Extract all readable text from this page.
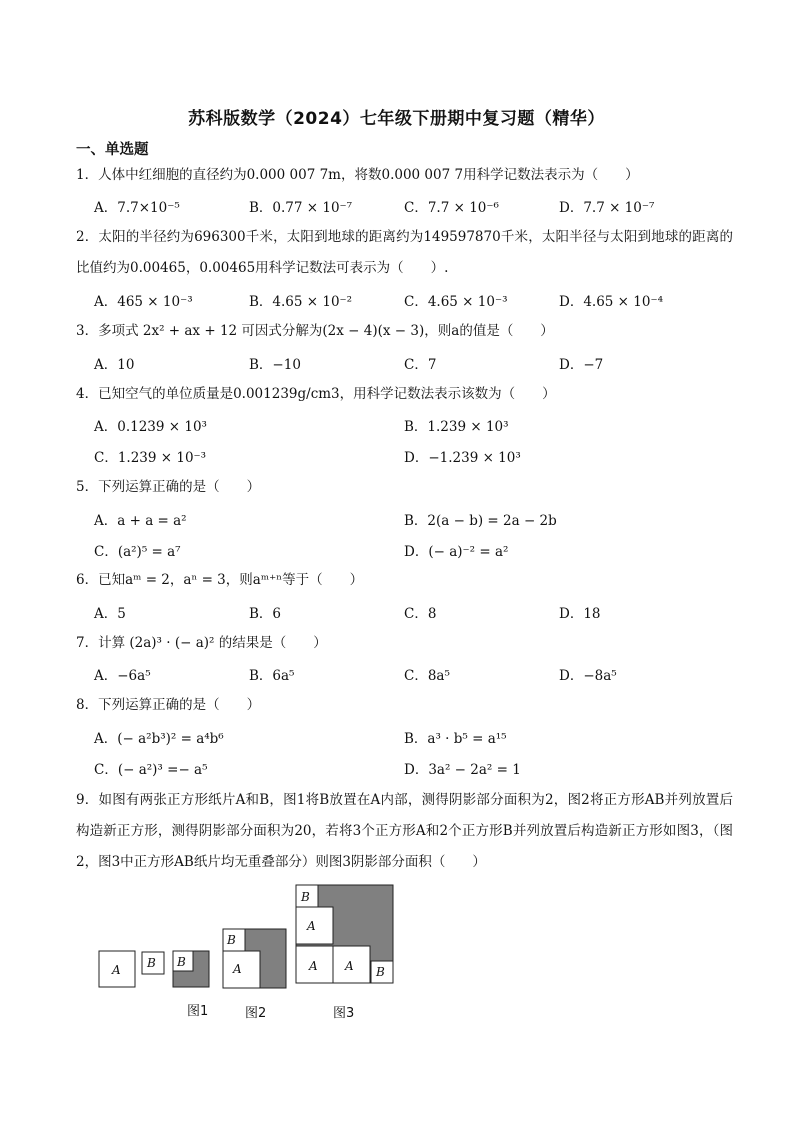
苏科版数学（2024）七年级下册期中复习题（精华）
一、单选题
1．人体中红细胞的直径约为0.000 007 7m，将数0.000 007 7用科学记数法表示为（　　）
A．7.7×10⁻⁵	B．0.77 × 10⁻⁷	C．7.7 × 10⁻⁶	D．7.7 × 10⁻⁷
2．太阳的半径约为696300千米，太阳到地球的距离约为149597870千米，太阳半径与太阳到地球的距离的比值约为0.00465，0.00465用科学记数法可表示为（　　）.
A．465 × 10⁻³	B．4.65 × 10⁻²	C．4.65 × 10⁻³	D．4.65 × 10⁻⁴
3．多项式 2x² + ax + 12 可因式分解为(2x − 4)(x − 3)，则a的值是（　　）
A．10	B．−10	C．7	D．−7
4．已知空气的单位质量是0.001239g/cm3，用科学记数法表示该数为（　　）
A．0.1239 × 10³	B．1.239 × 10³
C．1.239 × 10⁻³	D．−1.239 × 10³
5．下列运算正确的是（　　）
A．a + a = a²	B．2(a − b) = 2a − 2b
C．(a²)⁵ = a⁷	D．(− a)⁻² = a²
6．已知aᵐ = 2，aⁿ = 3，则aᵐ⁺ⁿ等于（　　）
A．5	B．6	C．8	D．18
7．计算 (2a)³ · (− a)² 的结果是（　　）
A．−6a⁵	B．6a⁵	C．8a⁵	D．−8a⁵
8．下列运算正确的是（　　）
A．(− a²b³)² = a⁴b⁶	B．a³ · b⁵ = a¹⁵
C．(− a²)³ =− a⁵	D．3a² − 2a² = 1
9．如图有两张正方形纸片A和B，图1将B放置在A内部，测得阴影部分面积为2，图2将正方形AB并列放置后构造新正方形，测得阴影部分面积为20，若将3个正方形A和2个正方形B并列放置后构造新正方形如图3，（图2，图3中正方形AB纸片均无重叠部分）则图3阴影部分面积（　　）
A B B
B
A
B
A
A A B
图1	图2	图3
